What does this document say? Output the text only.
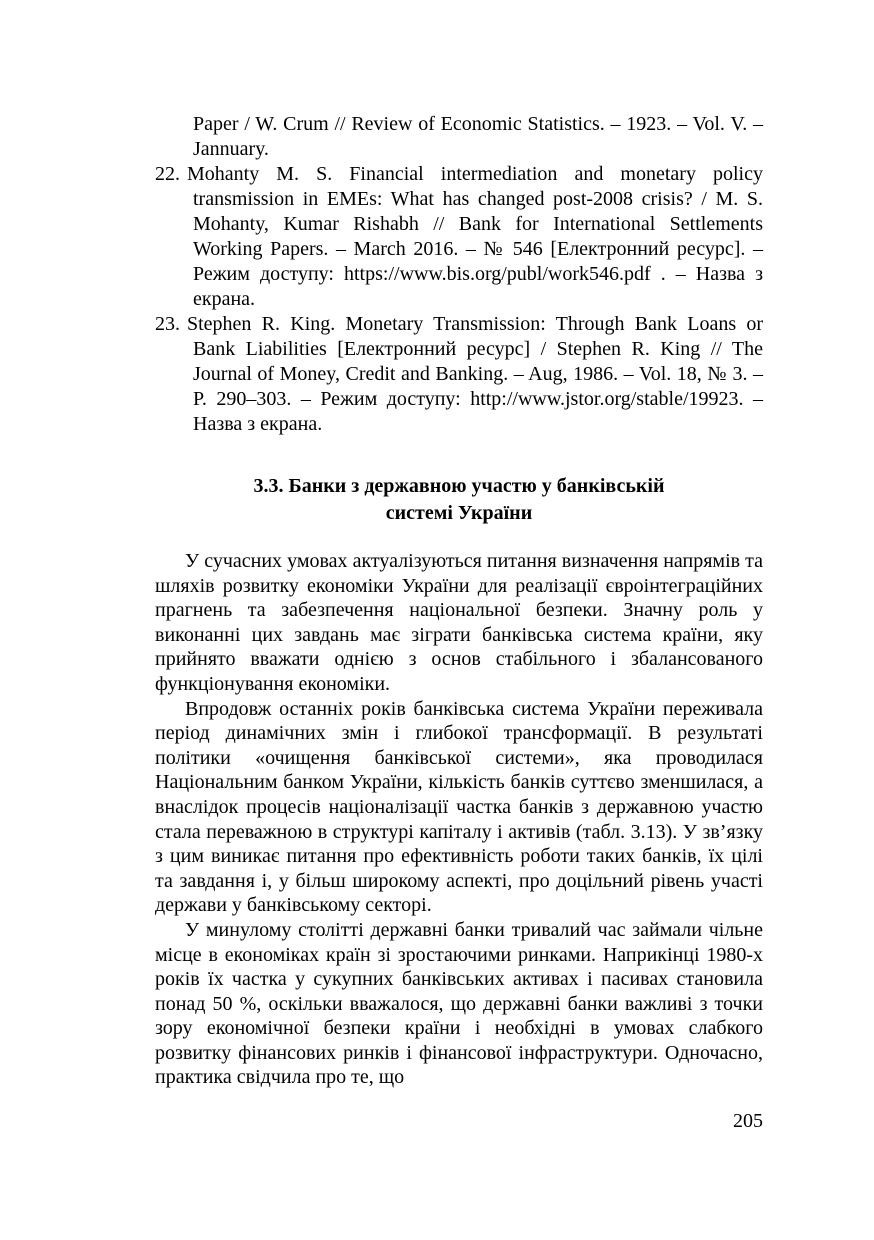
Paper / W. Crum // Review of Economic Statistics. – 1923. – Vol. V. – Jannuary.
22. Mohanty M. S. Financial intermediation and monetary policy transmission in EMEs: What has changed post-2008 crisis? / M. S. Mohanty, Kumar Rishabh // Bank for International Settlements Working Papers. – March 2016. – № 546 [Електронний ресурс]. – Режим доступу: https://www.bis.org/publ/work546.pdf . – Назва з екрана.
23. Stephen R. King. Monetary Transmission: Through Bank Loans or Bank Liabilities [Електронний ресурс] / Stephen R. King // The Journal of Money, Credit and Banking. – Aug, 1986. – Vol. 18, № 3. – P. 290–303. – Режим доступу: http://www.jstor.org/stable/19923. – Назва з екрана.
3.3. Банки з державною участю у банківській
системі України

У сучасних умовах актуалізуються питання визначення напрямів та шляхів розвитку економіки України для реалізації євроінтеграційних прагнень та забезпечення національної безпеки. Значну роль у виконанні цих завдань має зіграти банківська система країни, яку прийнято вважати однією з основ стабільного і збалансованого функціонування економіки.

Впродовж останніх років банківська система України переживала період динамічних змін і глибокої трансформації. В результаті політики «очищення банківської системи», яка проводилася Національним банком України, кількість банків суттєво зменшилася, а внаслідок процесів націоналізації частка банків з державною участю стала переважною в структурі капіталу і активів (табл. 3.13). У зв’язку з цим виникає питання про ефективність роботи таких банків, їх цілі та завдання і, у більш широкому аспекті, про доцільний рівень участі держави у банківському секторі.

У минулому столітті державні банки тривалий час займали чільне місце в економіках країн зі зростаючими ринками. Наприкінці 1980-х років їх частка у сукупних банківських активах і пасивах становила понад 50 %, оскільки вважалося, що державні банки важливі з точки зору економічної безпеки країни і необхідні в умовах слабкого розвитку фінансових ринків і фінансової інфраструктури. Одночасно, практика свідчила про те, що

205
